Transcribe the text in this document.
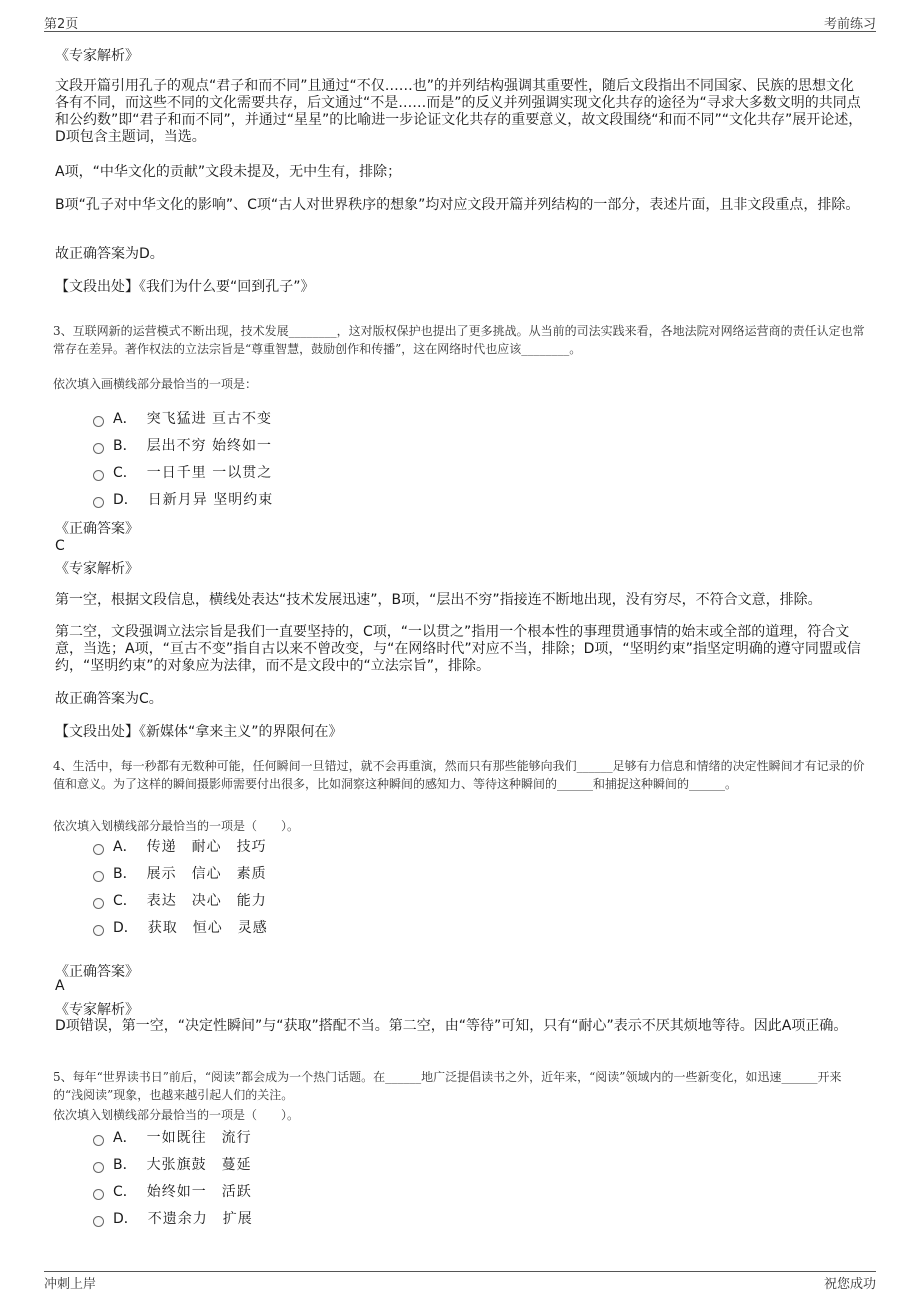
第2页	考前练习
《专家解析》
文段开篇引用孔子的观点“君子和而不同”且通过“不仅……也”的并列结构强调其重要性，随后文段指出不同国家、民族的思想文化各有不同，而这些不同的文化需要共存，后文通过“不是……而是”的反义并列强调实现文化共存的途径为“寻求大多数文明的共同点和公约数”即“君子和而不同”，并通过“星星”的比喻进一步论证文化共存的重要意义，故文段围绕“和而不同”“文化共存”展开论述，D项包含主题词，当选。
A项，“中华文化的贡献”文段未提及，无中生有，排除；
B项“孔子对中华文化的影响”、C项“古人对世界秩序的想象”均对应文段开篇并列结构的一部分，表述片面，且非文段重点，排除。
故正确答案为D。
【文段出处】《我们为什么要“回到孔子”》
3、互联网新的运营模式不断出现，技术发展________，这对版权保护也提出了更多挑战。从当前的司法实践来看，各地法院对网络运营商的责任认定也常常存在差异。著作权法的立法宗旨是“尊重智慧，鼓励创作和传播”，这在网络时代也应该________。
依次填入画横线部分最恰当的一项是：
A． 突飞猛进 亘古不变
B． 层出不穷 始终如一
C． 一日千里 一以贯之
D． 日新月异 坚明约束
《正确答案》
C
《专家解析》
第一空，根据文段信息，横线处表达“技术发展迅速”，B项，“层出不穷”指接连不断地出现，没有穷尽，不符合文意，排除。
第二空，文段强调立法宗旨是我们一直要坚持的，C项，“一以贯之”指用一个根本性的事理贯通事情的始末或全部的道理，符合文意，当选；A项，“亘古不变”指自古以来不曾改变，与“在网络时代”对应不当，排除；D项，“坚明约束”指坚定明确的遵守同盟或信约，“坚明约束”的对象应为法律，而不是文段中的“立法宗旨”，排除。
故正确答案为C。
【文段出处】《新媒体“拿来主义”的界限何在》
4、生活中，每一秒都有无数种可能，任何瞬间一旦错过，就不会再重演，然而只有那些能够向我们______足够有力信息和情绪的决定性瞬间才有记录的价值和意义。为了这样的瞬间摄影师需要付出很多，比如洞察这种瞬间的感知力、等待这种瞬间的______和捕捉这种瞬间的______。
依次填入划横线部分最恰当的一项是（　　）。
A． 传递　耐心　技巧
B． 展示　信心　素质
C． 表达　决心　能力
D． 获取　恒心　灵感
《正确答案》
A
《专家解析》
D项错误，第一空，“决定性瞬间”与“获取”搭配不当。第二空，由“等待”可知，只有“耐心”表示不厌其烦地等待。因此A项正确。
5、每年“世界读书日”前后，“阅读”都会成为一个热门话题。在______地广泛提倡读书之外，近年来，“阅读”领域内的一些新变化，如迅速______开来的“浅阅读”现象，也越来越引起人们的关注。
依次填入划横线部分最恰当的一项是（　　）。
A． 一如既往　流行
B． 大张旗鼓　蔓延
C． 始终如一　活跃
D． 不遗余力　扩展
冲刺上岸	祝您成功
